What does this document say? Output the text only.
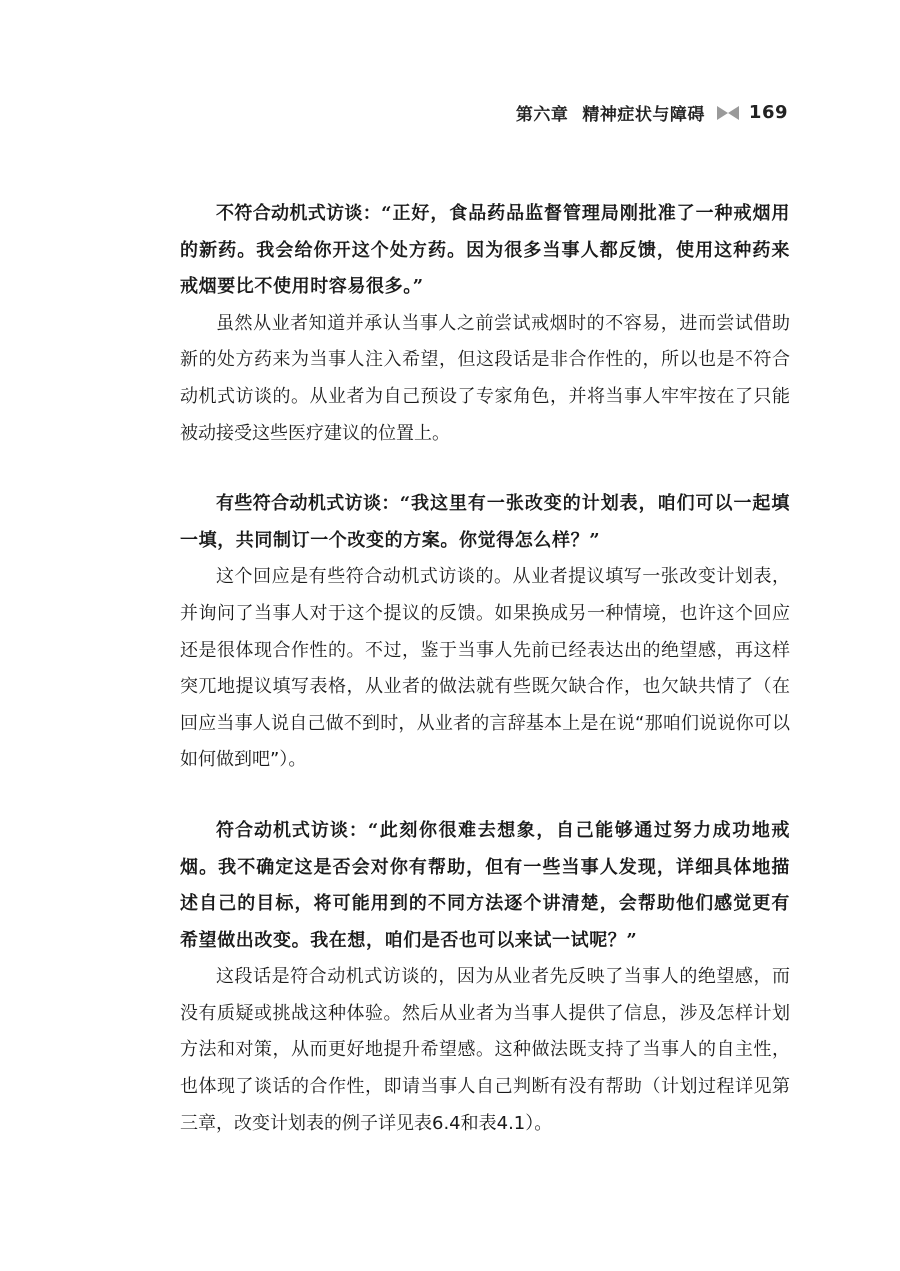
第六章 精神症状与障碍 169

不符合动机式访谈：“正好，食品药品监督管理局刚批准了一种戒烟用的新药。我会给你开这个处方药。因为很多当事人都反馈，使用这种药来戒烟要比不使用时容易很多。”

虽然从业者知道并承认当事人之前尝试戒烟时的不容易，进而尝试借助新的处方药来为当事人注入希望，但这段话是非合作性的，所以也是不符合动机式访谈的。从业者为自己预设了专家角色，并将当事人牢牢按在了只能被动接受这些医疗建议的位置上。

有些符合动机式访谈：“我这里有一张改变的计划表，咱们可以一起填一填，共同制订一个改变的方案。你觉得怎么样？”

这个回应是有些符合动机式访谈的。从业者提议填写一张改变计划表，并询问了当事人对于这个提议的反馈。如果换成另一种情境，也许这个回应还是很体现合作性的。不过，鉴于当事人先前已经表达出的绝望感，再这样突兀地提议填写表格，从业者的做法就有些既欠缺合作，也欠缺共情了（在回应当事人说自己做不到时，从业者的言辞基本上是在说“那咱们说说你可以如何做到吧”）。

符合动机式访谈：“此刻你很难去想象，自己能够通过努力成功地戒烟。我不确定这是否会对你有帮助，但有一些当事人发现，详细具体地描述自己的目标，将可能用到的不同方法逐个讲清楚，会帮助他们感觉更有希望做出改变。我在想，咱们是否也可以来试一试呢？”

这段话是符合动机式访谈的，因为从业者先反映了当事人的绝望感，而没有质疑或挑战这种体验。然后从业者为当事人提供了信息，涉及怎样计划方法和对策，从而更好地提升希望感。这种做法既支持了当事人的自主性，也体现了谈话的合作性，即请当事人自己判断有没有帮助（计划过程详见第三章，改变计划表的例子详见表6.4和表4.1）。
